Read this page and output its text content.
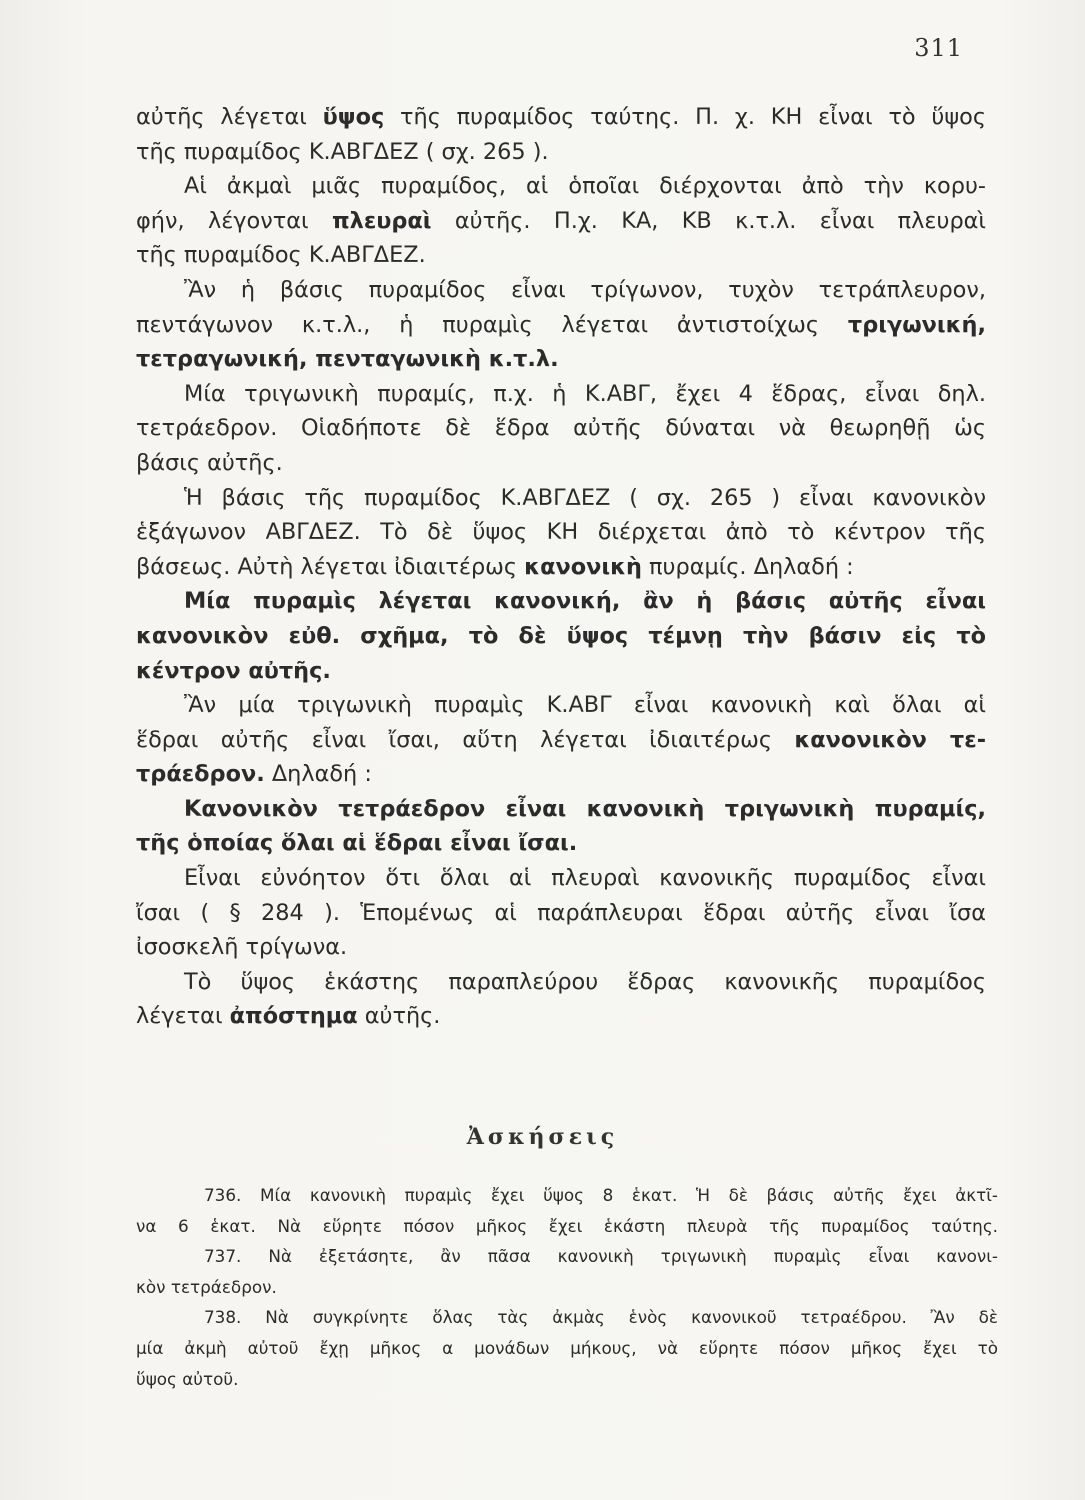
311
αὐτῆς λέγεται ὕψος τῆς πυραμίδος ταύτης. Π. χ. ΚΗ εἶναι τὸ ὕψος
τῆς πυραμίδος Κ.ΑΒΓΔΕΖ ( σχ. 265 ).
Αἱ ἀκμαὶ μιᾶς πυραμίδος, αἱ ὁποῖαι διέρχονται ἀπὸ τὴν κορυ-
φήν, λέγονται πλευραὶ αὐτῆς. Π.χ. ΚΑ, ΚΒ κ.τ.λ. εἶναι πλευραὶ
τῆς πυραμίδος Κ.ΑΒΓΔΕΖ.
Ἂν ἡ βάσις πυραμίδος εἶναι τρίγωνον, τυχὸν τετράπλευρον,
πεντάγωνον κ.τ.λ., ἡ πυραμὶς λέγεται ἀντιστοίχως τριγωνική,
τετραγωνική, πενταγωνικὴ κ.τ.λ.
Μία τριγωνικὴ πυραμίς, π.χ. ἡ Κ.ΑΒΓ, ἔχει 4 ἕδρας, εἶναι δηλ.
τετράεδρον. Οἱαδήποτε δὲ ἕδρα αὐτῆς δύναται νὰ θεωρηθῇ ὡς
βάσις αὐτῆς.
Ἡ βάσις τῆς πυραμίδος Κ.ΑΒΓΔΕΖ ( σχ. 265 ) εἶναι κανονικὸν
ἑξάγωνον ΑΒΓΔΕΖ. Τὸ δὲ ὕψος ΚΗ διέρχεται ἀπὸ τὸ κέντρον τῆς
βάσεως. Αὐτὴ λέγεται ἰδιαιτέρως κανονικὴ πυραμίς. Δηλαδή :
Μία πυραμὶς λέγεται κανονική, ἂν ἡ βάσις αὐτῆς εἶναι
κανονικὸν εὐθ. σχῆμα, τὸ δὲ ὕψος τέμνῃ τὴν βάσιν εἰς τὸ
κέντρον αὐτῆς.
Ἂν μία τριγωνικὴ πυραμὶς Κ.ΑΒΓ εἶναι κανονικὴ καὶ ὅλαι αἱ
ἕδραι αὐτῆς εἶναι ἴσαι, αὕτη λέγεται ἰδιαιτέρως κανονικὸν τε-
τράεδρον. Δηλαδή :
Κανονικὸν τετράεδρον εἶναι κανονικὴ τριγωνικὴ πυραμίς,
τῆς ὁποίας ὅλαι αἱ ἕδραι εἶναι ἴσαι.
Εἶναι εὐνόητον ὅτι ὅλαι αἱ πλευραὶ κανονικῆς πυραμίδος εἶναι
ἴσαι ( § 284 ). Ἑπομένως αἱ παράπλευραι ἕδραι αὐτῆς εἶναι ἴσα
ἰσοσκελῆ τρίγωνα.
Τὸ ὕψος ἑκάστης παραπλεύρου ἕδρας κανονικῆς πυραμίδος
λέγεται ἀπόστημα αὐτῆς.
Ἀσκήσεις
736. Μία κανονικὴ πυραμὶς ἔχει ὕψος 8 ἑκατ. Ἡ δὲ βάσις αὐτῆς ἔχει ἀκτῖ-
να 6 ἑκατ. Νὰ εὕρητε πόσον μῆκος ἔχει ἑκάστη πλευρὰ τῆς πυραμίδος ταύτης.
737. Νὰ ἐξετάσητε, ἂν πᾶσα κανονικὴ τριγωνικὴ πυραμὶς εἶναι κανονι-
κὸν τετράεδρον.
738. Νὰ συγκρίνητε ὅλας τὰς ἀκμὰς ἑνὸς κανονικοῦ τετραέδρου. Ἂν δὲ
μία ἀκμὴ αὐτοῦ ἔχῃ μῆκος α μονάδων μήκους, νὰ εὕρητε πόσον μῆκος ἔχει τὸ
ὕψος αὐτοῦ.
